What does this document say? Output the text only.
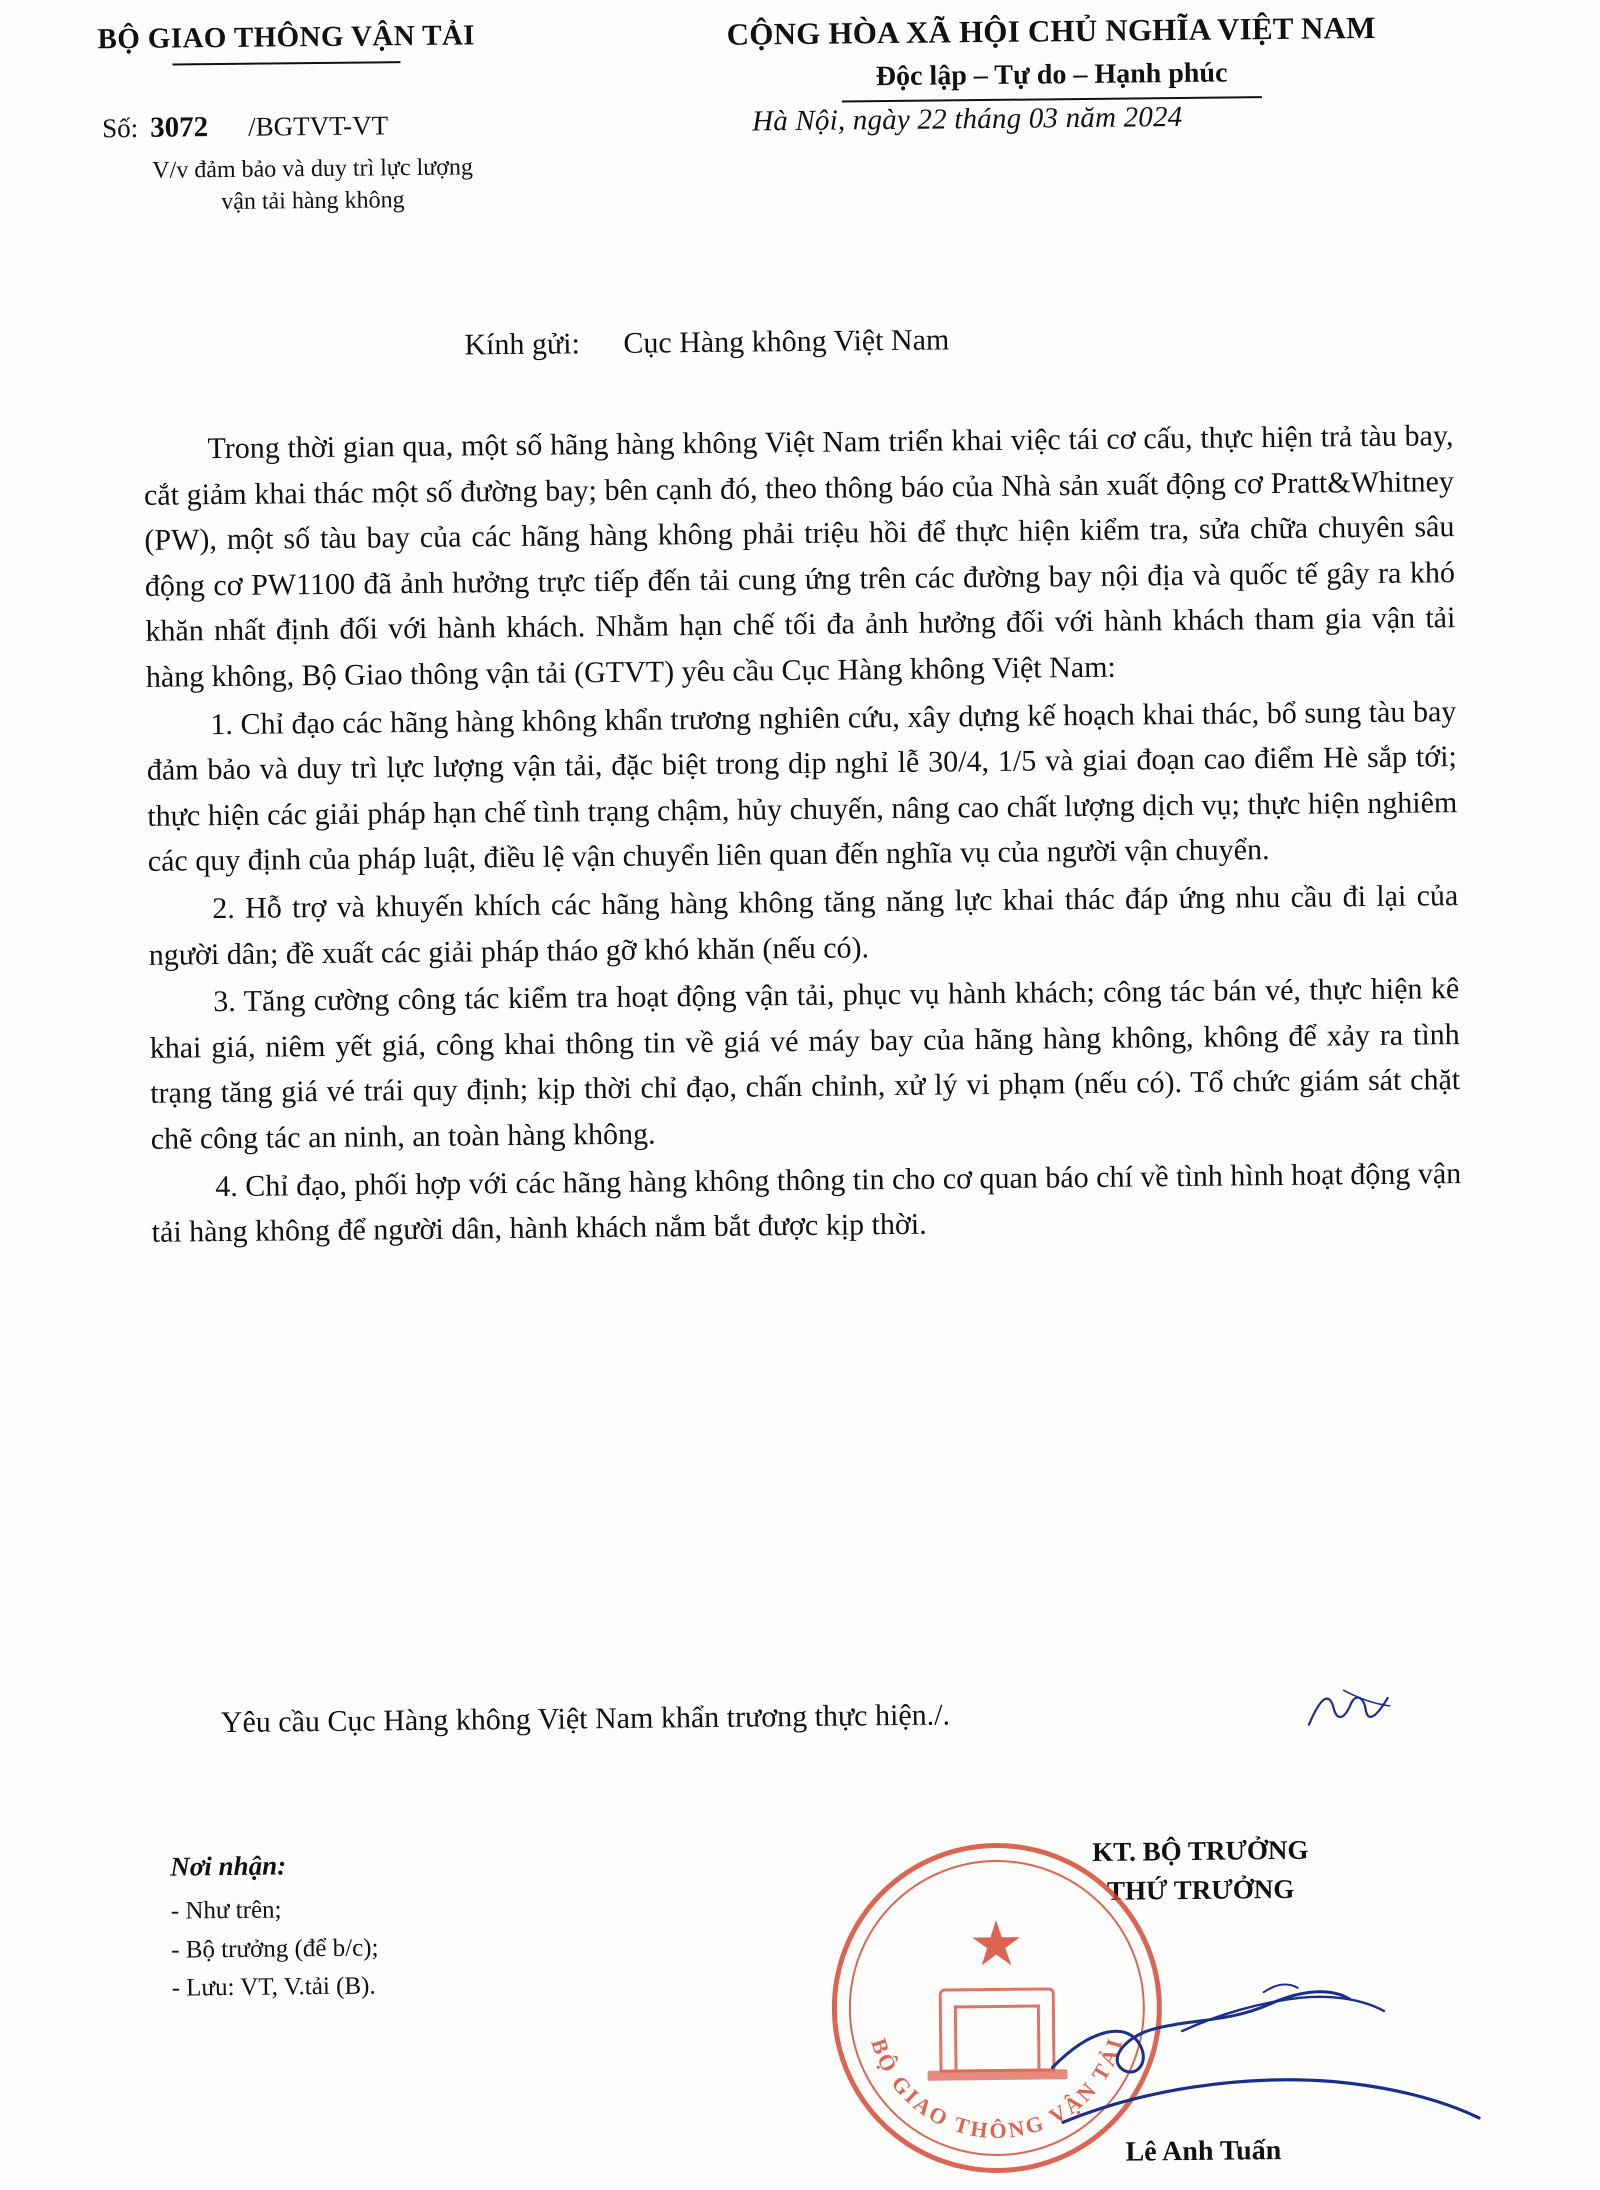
BỘ GIAO THÔNG VẬN TẢI	CỘNG HÒA XÃ HỘI CHỦ NGHĨA VIỆT NAM
Độc lập – Tự do – Hạnh phúc
Số: 3072 /BGTVT-VT
V/v đảm bảo và duy trì lực lượng
vận tải hàng không
Hà Nội, ngày 22 tháng 03 năm 2024
Kính gửi: Cục Hàng không Việt Nam

Trong thời gian qua, một số hãng hàng không Việt Nam triển khai việc tái cơ cấu, thực hiện trả tàu bay, cắt giảm khai thác một số đường bay; bên cạnh đó, theo thông báo của Nhà sản xuất động cơ Pratt&Whitney (PW), một số tàu bay của các hãng hàng không phải triệu hồi để thực hiện kiểm tra, sửa chữa chuyên sâu động cơ PW1100 đã ảnh hưởng trực tiếp đến tải cung ứng trên các đường bay nội địa và quốc tế gây ra khó khăn nhất định đối với hành khách. Nhằm hạn chế tối đa ảnh hưởng đối với hành khách tham gia vận tải hàng không, Bộ Giao thông vận tải (GTVT) yêu cầu Cục Hàng không Việt Nam:

1. Chỉ đạo các hãng hàng không khẩn trương nghiên cứu, xây dựng kế hoạch khai thác, bổ sung tàu bay đảm bảo và duy trì lực lượng vận tải, đặc biệt trong dịp nghỉ lễ 30/4, 1/5 và giai đoạn cao điểm Hè sắp tới; thực hiện các giải pháp hạn chế tình trạng chậm, hủy chuyến, nâng cao chất lượng dịch vụ; thực hiện nghiêm các quy định của pháp luật, điều lệ vận chuyển liên quan đến nghĩa vụ của người vận chuyển.

2. Hỗ trợ và khuyến khích các hãng hàng không tăng năng lực khai thác đáp ứng nhu cầu đi lại của người dân; đề xuất các giải pháp tháo gỡ khó khăn (nếu có).

3. Tăng cường công tác kiểm tra hoạt động vận tải, phục vụ hành khách; công tác bán vé, thực hiện kê khai giá, niêm yết giá, công khai thông tin về giá vé máy bay của hãng hàng không, không để xảy ra tình trạng tăng giá vé trái quy định; kịp thời chỉ đạo, chấn chỉnh, xử lý vi phạm (nếu có). Tổ chức giám sát chặt chẽ công tác an ninh, an toàn hàng không.

4. Chỉ đạo, phối hợp với các hãng hàng không thông tin cho cơ quan báo chí về tình hình hoạt động vận tải hàng không để người dân, hành khách nắm bắt được kịp thời.

Yêu cầu Cục Hàng không Việt Nam khẩn trương thực hiện./.
Nơi nhận:
- Như trên;
- Bộ trưởng (để b/c);
- Lưu: VT, V.tải (B).
KT. BỘ TRƯỞNG
THỨ TRƯỞNG
★
BỘ GIAO THÔNG VẬN TẢI
Lê Anh Tuấn
